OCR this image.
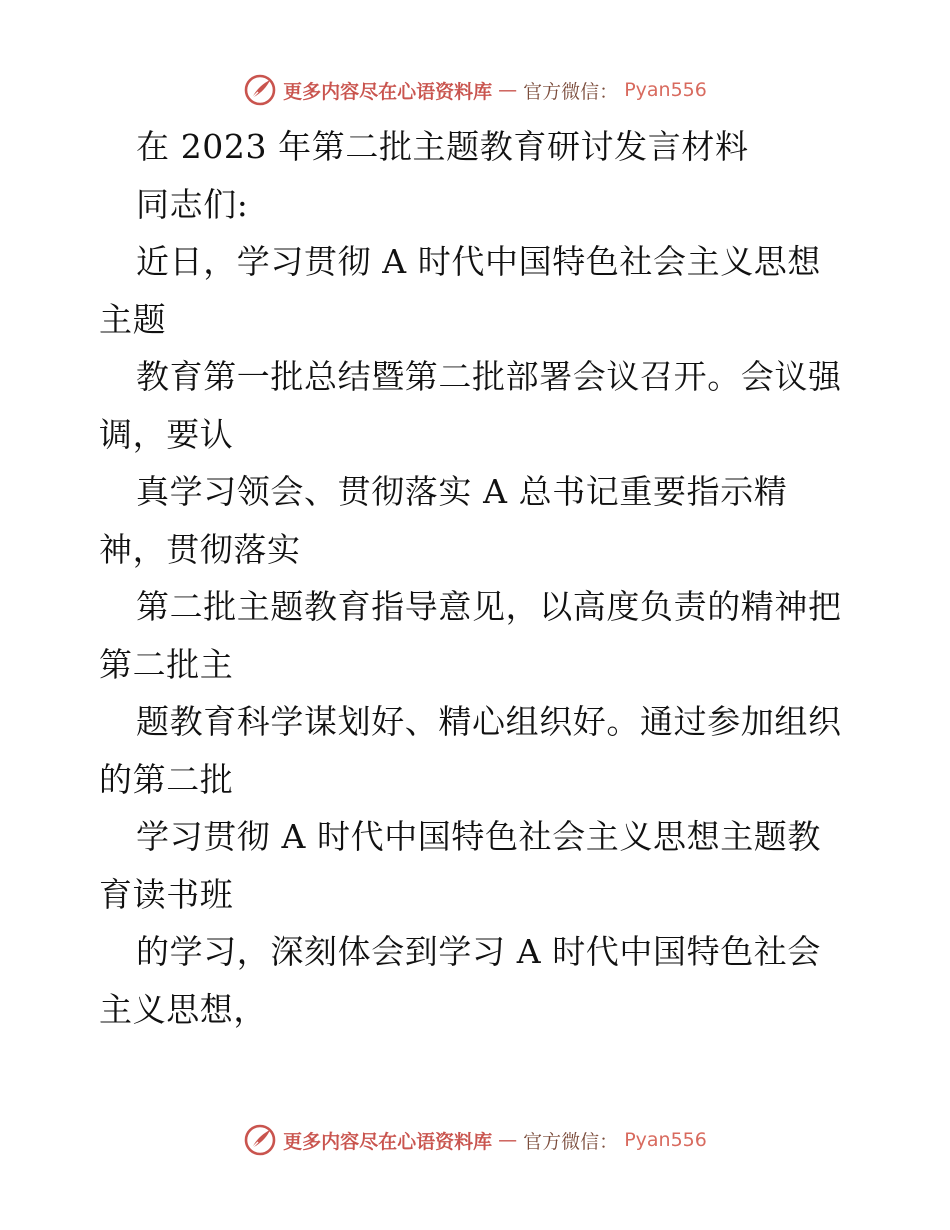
更多内容尽在心语资料库 — 官方微信： Pyan556
在 2023 年第二批主题教育研讨发言材料
同志们:
近日，学习贯彻 A 时代中国特色社会主义思想
主题
教育第一批总结暨第二批部署会议召开。会议强
调，要认
真学习领会、贯彻落实 A 总书记重要指示精
神，贯彻落实
第二批主题教育指导意见，以高度负责的精神把
第二批主
题教育科学谋划好、精心组织好。通过参加组织
的第二批
学习贯彻 A 时代中国特色社会主义思想主题教
育读书班
的学习，深刻体会到学习 A 时代中国特色社会
主义思想，
更多内容尽在心语资料库 — 官方微信： Pyan556
